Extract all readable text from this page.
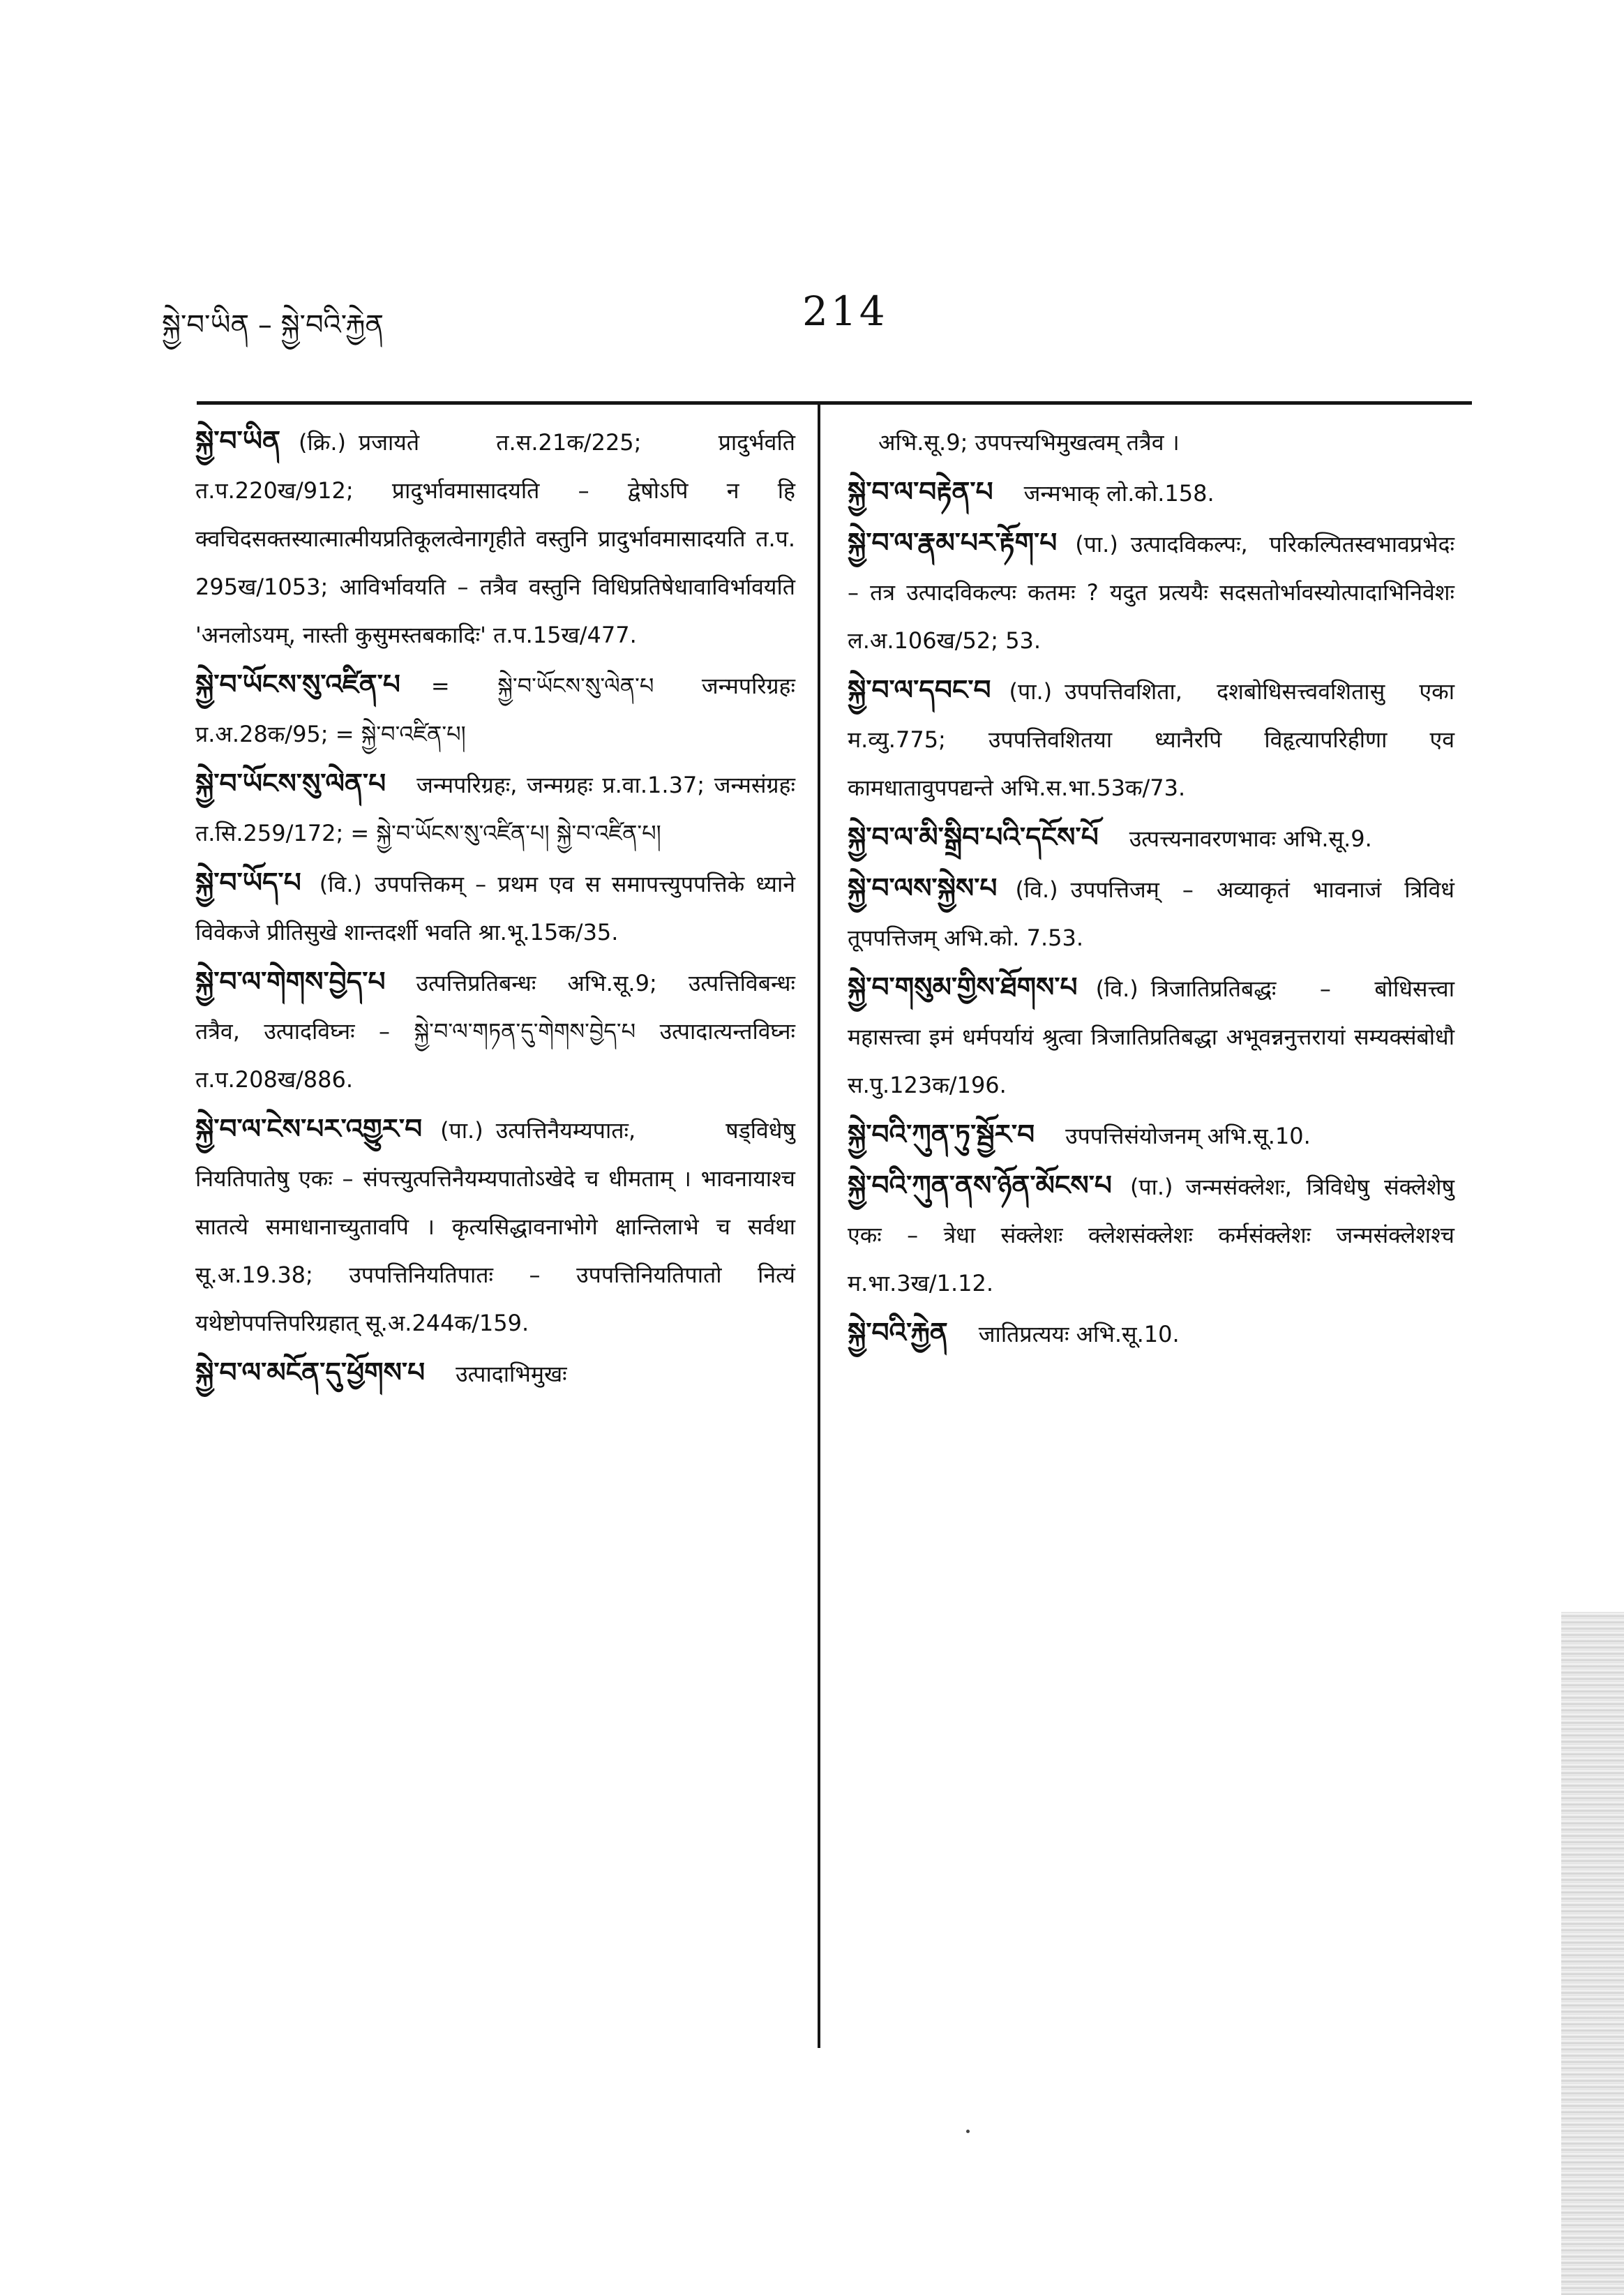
སྐྱེ་བ་ཡིན – སྐྱེ་བའི་རྐྱེན	214

སྐྱེ་བ་ཡིན (क्रि.) प्रजायते त.स.21क/225; प्रादुर्भवति त.प.220ख/912; प्रादुर्भावमासादयति – द्वेषोऽपि न हि क्वचिदसक्तस्यात्मात्मीयप्रतिकूलत्वेनागृहीते वस्तुनि प्रादुर्भावमासादयति त.प. 295ख/1053; आविर्भावयति – तत्रैव वस्तुनि विधिप्रतिषेधावाविर्भावयति 'अनलोऽयम्, नास्ती कुसुमस्तबकादिः' त.प.15ख/477.

སྐྱེ་བ་ཡོངས་སུ་འཛིན་པ = སྐྱེ་བ་ཡོངས་སུ་ལེན་པ जन्मपरिग्रहः प्र.अ.28क/95; = སྐྱེ་བ་འཛིན་པ།

སྐྱེ་བ་ཡོངས་སུ་ལེན་པ जन्मपरिग्रहः, जन्मग्रहः प्र.वा.1.37; जन्मसंग्रहः त.सि.259/172; = སྐྱེ་བ་ཡོངས་སུ་འཛིན་པ། སྐྱེ་བ་འཛིན་པ།

སྐྱེ་བ་ཡོད་པ (वि.) उपपत्तिकम् – प्रथम एव स समापत्त्युपपत्तिके ध्याने विवेकजे प्रीतिसुखे शान्तदर्शी भवति श्रा.भू.15क/35.

སྐྱེ་བ་ལ་གེགས་བྱེད་པ उत्पत्तिप्रतिबन्धः अभि.सू.9; उत्पत्तिविबन्धः तत्रैव, उत्पादविघ्नः – སྐྱེ་བ་ལ་གཏན་དུ་གེགས་བྱེད་པ उत्पादात्यन्तविघ्नः त.प.208ख/886.

སྐྱེ་བ་ལ་ངེས་པར་འགྱུར་བ (पा.) उत्पत्तिनैयम्यपातः, षड्विधेषु नियतिपातेषु एकः – संपत्त्युत्पत्तिनैयम्यपातोऽखेदे च धीमताम् । भावनायाश्च सातत्ये समाधानाच्युतावपि । कृत्यसिद्धावनाभोगे क्षान्तिलाभे च सर्वथा सू.अ.19.38; उपपत्तिनियतिपातः – उपपत्तिनियतिपातो नित्यं यथेष्टोपपत्तिपरिग्रहात् सू.अ.244क/159.

སྐྱེ་བ་ལ་མངོན་དུ་ཕྱོགས་པ उत्पादाभिमुखः

अभि.सू.9; उपपत्त्यभिमुखत्वम् तत्रैव ।

སྐྱེ་བ་ལ་བརྟེན་པ जन्मभाक् लो.को.158.

སྐྱེ་བ་ལ་རྣམ་པར་རྟོག་པ (पा.) उत्पादविकल्पः, परिकल्पितस्वभावप्रभेदः – तत्र उत्पादविकल्पः कतमः ? यदुत प्रत्ययैः सदसतोर्भावस्योत्पादाभिनिवेशः ल.अ.106ख/52; 53.

སྐྱེ་བ་ལ་དབང་བ (पा.) उपपत्तिवशिता, दशबोधिसत्त्ववशितासु एका म.व्यु.775; उपपत्तिवशितया ध्यानैरपि विहृत्यापरिहीणा एव कामधातावुपपद्यन्ते अभि.स.भा.53क/73.

སྐྱེ་བ་ལ་མི་སྒྲིབ་པའི་དངོས་པོ उत्पत्त्यनावरणभावः अभि.सू.9.

སྐྱེ་བ་ལས་སྐྱེས་པ (वि.) उपपत्तिजम् – अव्याकृतं भावनाजं त्रिविधं तूपपत्तिजम् अभि.को. 7.53.

སྐྱེ་བ་གསུམ་གྱིས་ཐོགས་པ (वि.) त्रिजातिप्रतिबद्धः – बोधिसत्त्वा महासत्त्वा इमं धर्मपर्यायं श्रुत्वा त्रिजातिप्रतिबद्धा अभूवन्ननुत्तरायां सम्यक्संबोधौ स.पु.123क/196.

སྐྱེ་བའི་ཀུན་ཏུ་སྦྱོར་བ उपपत्तिसंयोजनम् अभि.सू.10.

སྐྱེ་བའི་ཀུན་ནས་ཉོན་མོངས་པ (पा.) जन्मसंक्लेशः, त्रिविधेषु संक्लेशेषु एकः – त्रेधा संक्लेशः क्लेशसंक्लेशः कर्मसंक्लेशः जन्मसंक्लेशश्च म.भा.3ख/1.12.

སྐྱེ་བའི་རྐྱེན जातिप्रत्ययः अभि.सू.10.
